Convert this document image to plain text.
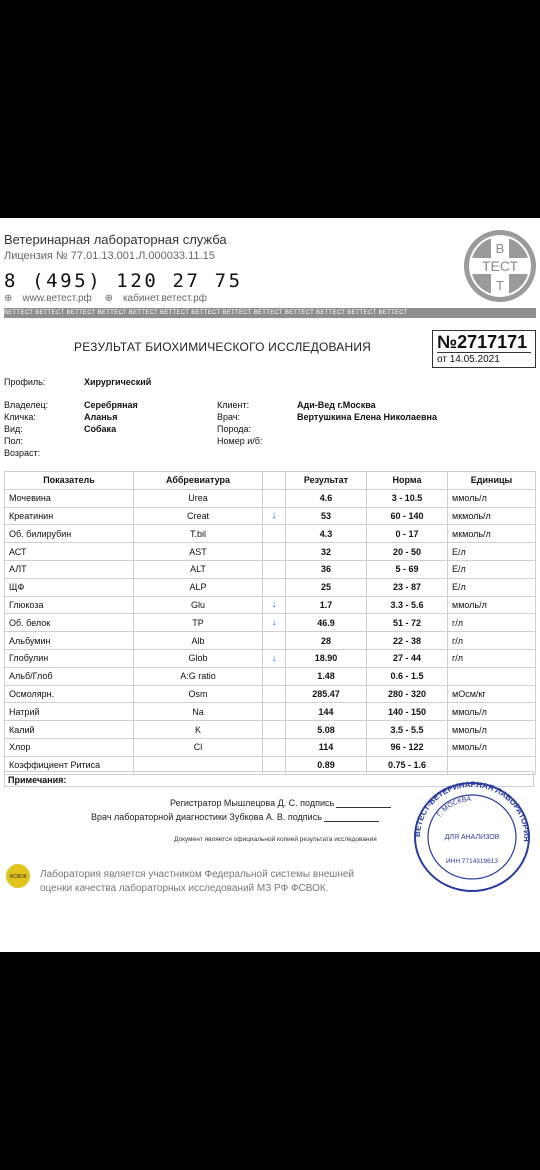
Ветеринарная лабораторная служба
Лицензия № 77.01.13.001.Л.000033.11.15
8 (495) 120 27 75
⊕ www.ветест.рф ⊕ кабинет.ветест.рф
ВЕТТЕСТ ВЕТТЕСТ ВЕТТЕСТ ВЕТТЕСТ ВЕТТЕСТ ВЕТТЕСТ ВЕТТЕСТ ВЕТТЕСТ ВЕТТЕСТ ВЕТТЕСТ ВЕТТЕСТ ВЕТТЕСТ ВЕТТЕСТ
В
ТЕСТ
Т
РЕЗУЛЬТАТ БИОХИМИЧЕСКОГО ИССЛЕДОВАНИЯ	№2717171
от 14.05.2021
Профиль:	Хирургический
Владелец:	Серебряная
Кличка:	Аланья
Вид:	Собака
Пол:
Возраст:
Клиент:	Ади-Вед г.Москва
Врач:	Вертушкина Елена Николаевна
Порода:
Номер и/б:
Показатель	Аббревиатура		Результат	Норма	Единицы
Мочевина	Urea		4.6	3 - 10.5	ммоль/л
Креатинин	Creat	↓	53	60 - 140	мкмоль/л
Об. билирубин	T.bil		4.3	0 - 17	мкмоль/л
АСТ	AST		32	20 - 50	Е/л
АЛТ	ALT		36	5 - 69	Е/л
ЩФ	ALP		25	23 - 87	Е/л
Глюкоза	Glu	↓	1.7	3.3 - 5.6	ммоль/л
Об. белок	TP	↓	46.9	51 - 72	г/л
Альбумин	Alb		28	22 - 38	г/л
Глобулин	Glob	↓	18.90	27 - 44	г/л
Альб/Глоб	A:G ratio		1.48	0.6 - 1.5	
Осмолярн.	Osm		285.47	280 - 320	мОсм/кг
Натрий	Na		144	140 - 150	ммоль/л
Калий	K		5.08	3.5 - 5.5	ммоль/л
Хлор	Cl		114	96 - 122	ммоль/л
Коэффициент Ритиса			0.89	0.75 - 1.6	
Примечания:
Регистратор Мышлецова Д. С. подпись
Врач лабораторной диагностики Зубкова А. В. подпись
Документ является официальной копией результата исследования
ВЕТЕСТ-ВЕТЕРИНАРНАЯ ЛАБОРАТОРИЯ
Г. МОСКВА
ДЛЯ АНАЛИЗОВ
ИНН 7714319613
ФСВОК Лаборатория является участником Федеральной системы внешней
оценки качества лабораторных исследований МЗ РФ ФСВОК.
